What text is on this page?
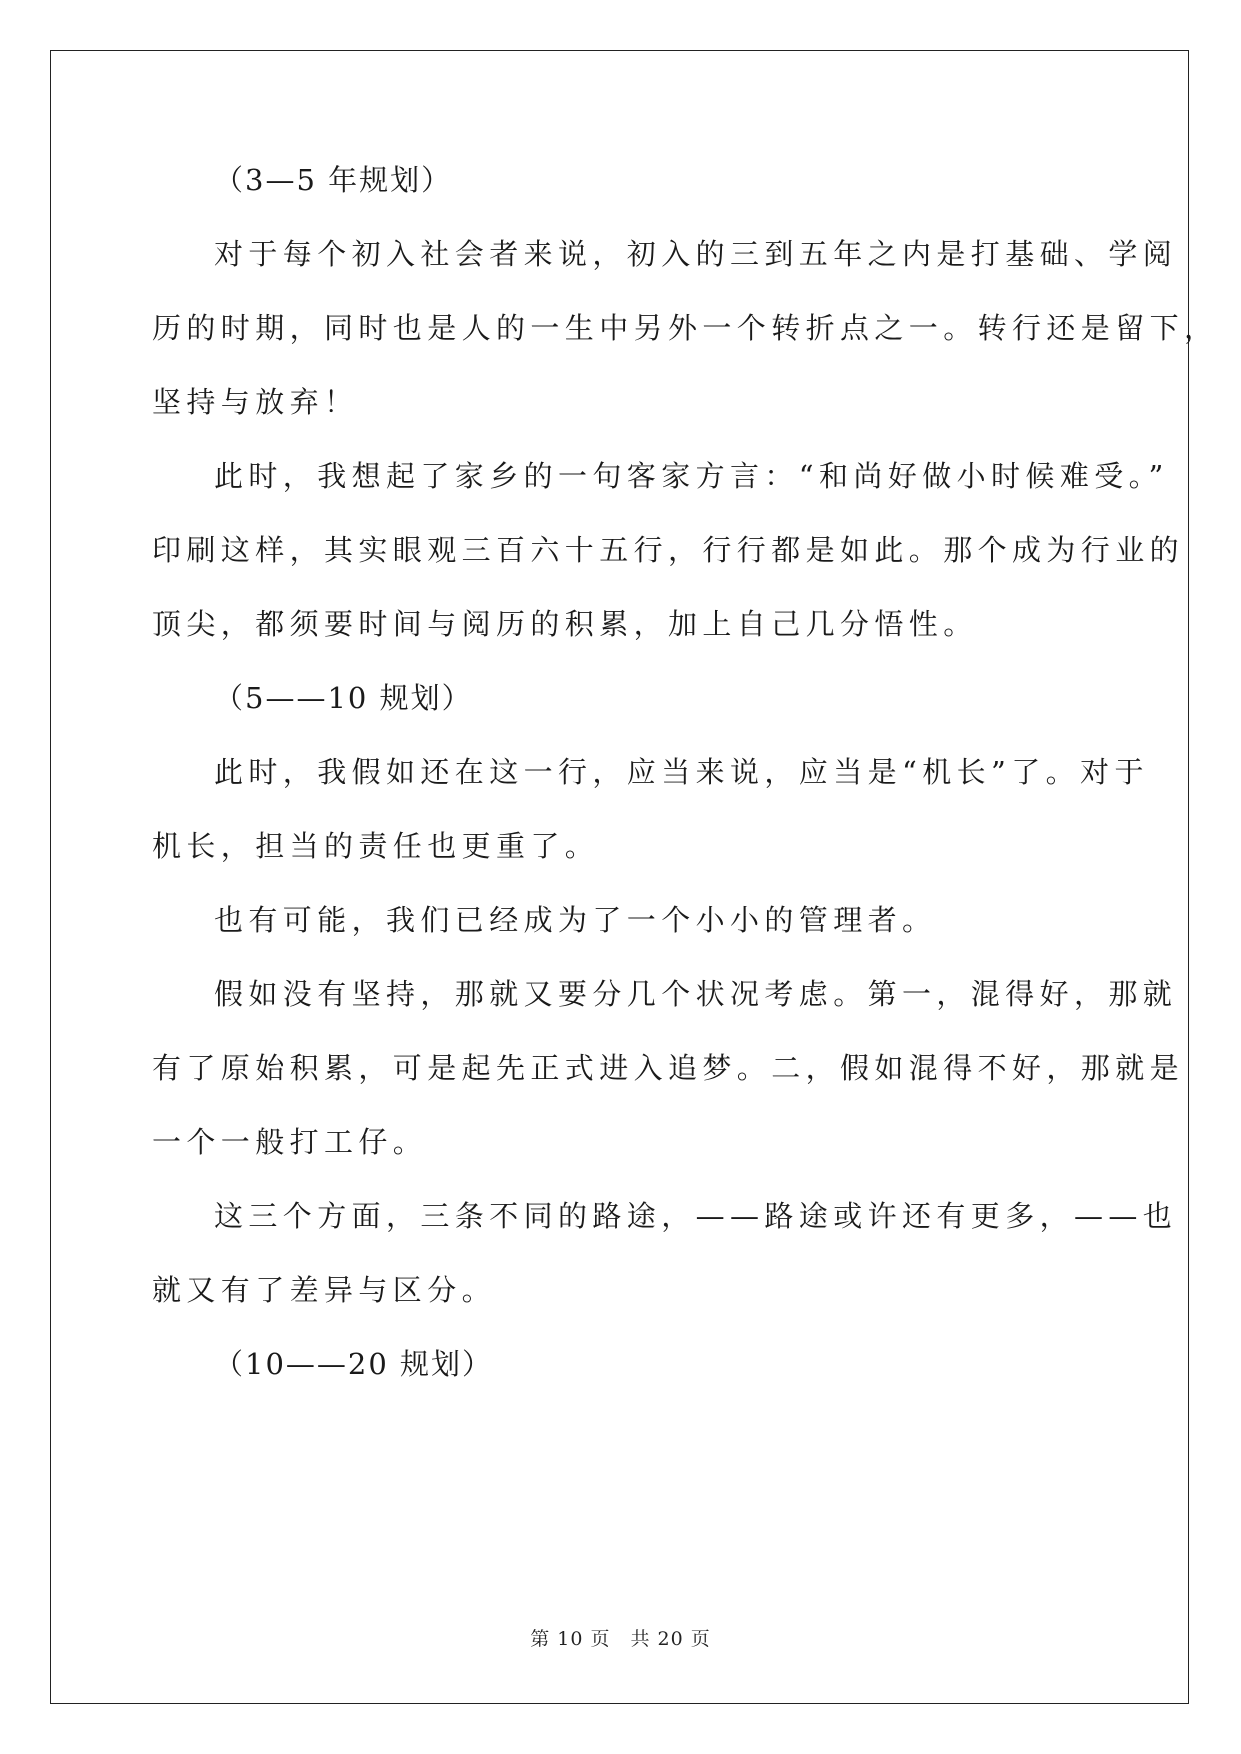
（3—5 年规划）
对于每个初入社会者来说，初入的三到五年之内是打基础、学阅
历的时期，同时也是人的一生中另外一个转折点之一。转行还是留下，
坚持与放弃！
此时，我想起了家乡的一句客家方言：“和尚好做小时候难受。”
印刷这样，其实眼观三百六十五行，行行都是如此。那个成为行业的
顶尖，都须要时间与阅历的积累，加上自己几分悟性。
（5——10 规划）
此时，我假如还在这一行，应当来说，应当是“机长”了。对于
机长，担当的责任也更重了。
也有可能，我们已经成为了一个小小的管理者。
假如没有坚持，那就又要分几个状况考虑。第一，混得好，那就
有了原始积累，可是起先正式进入追梦。二，假如混得不好，那就是
一个一般打工仔。
这三个方面，三条不同的路途，——路途或许还有更多，——也
就又有了差异与区分。
（10——20 规划）
第 10 页　共 20 页
